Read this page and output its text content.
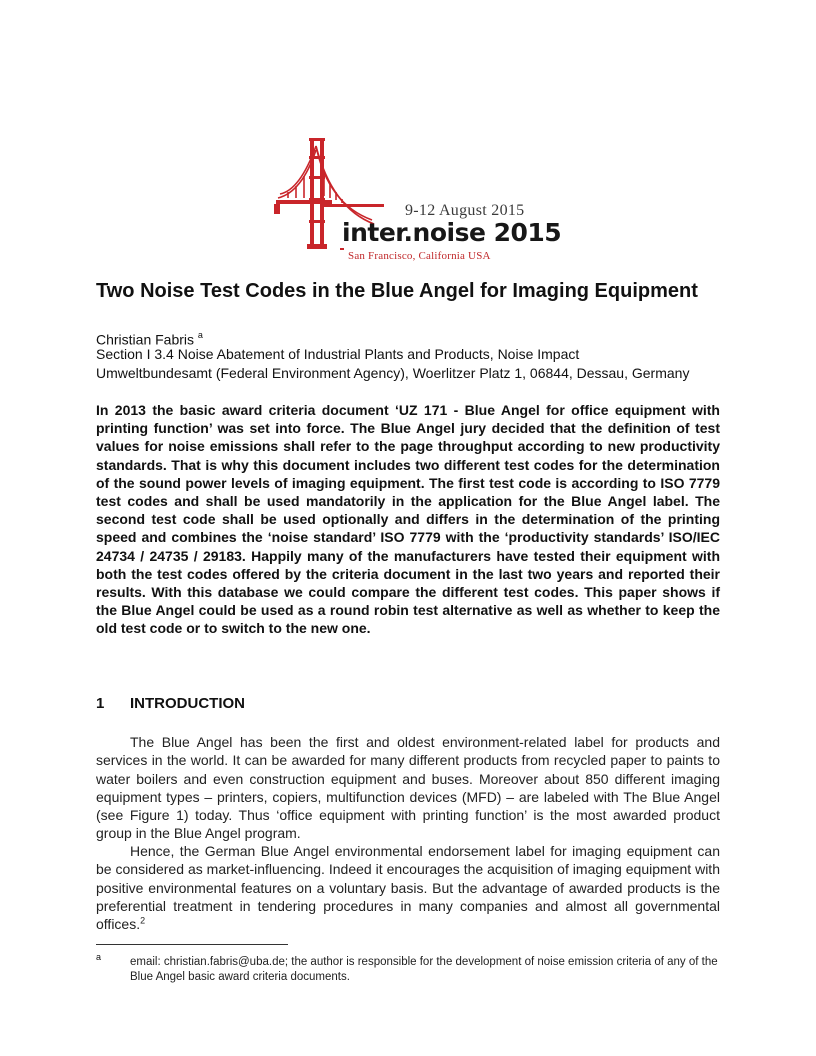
9-12 August 2015
inter.noise 2015
San Francisco, California USA
Two Noise Test Codes in the Blue Angel for Imaging Equipment
Christian Fabris $^a$
Section I 3.4 Noise Abatement of Industrial Plants and Products, Noise Impact
Umweltbundesamt (Federal Environment Agency), Woerlitzer Platz 1, 06844, Dessau, Germany
In 2013 the basic award criteria document ‘UZ 171 - Blue Angel for office equipment with printing function’ was set into force. The Blue Angel jury decided that the definition of test values for noise emissions shall refer to the page throughput according to new productivity standards. That is why this document includes two different test codes for the determination of the sound power levels of imaging equipment. The first test code is according to ISO 7779 test codes and shall be used mandatorily in the application for the Blue Angel label. The second test code shall be used optionally and differs in the determination of the printing speed and combines the ‘noise standard’ ISO 7779 with the ‘productivity standards’ ISO/IEC 24734 / 24735 / 29183. Happily many of the manufacturers have tested their equipment with both the test codes offered by the criteria document in the last two years and reported their results. With this database we could compare the different test codes. This paper shows if the Blue Angel could be used as a round robin test alternative as well as whether to keep the old test code or to switch to the new one.
1 INTRODUCTION
The Blue Angel has been the first and oldest environment-related label for products and services in the world. It can be awarded for many different products from recycled paper to paints to water boilers and even construction equipment and buses. Moreover about 850 different imaging equipment types – printers, copiers, multifunction devices (MFD) – are labeled with The Blue Angel (see Figure 1) today. Thus ‘office equipment with printing function’ is the most awarded product group in the Blue Angel program.
Hence, the German Blue Angel environmental endorsement label for imaging equipment can be considered as market-influencing. Indeed it encourages the acquisition of imaging equipment with positive environmental features on a voluntary basis. But the advantage of awarded products is the preferential treatment in tendering procedures in many companies and almost all governmental offices.$^2$
a	email: christian.fabris@uba.de; the author is responsible for the development of noise emission criteria of any of the Blue Angel basic award criteria documents.
